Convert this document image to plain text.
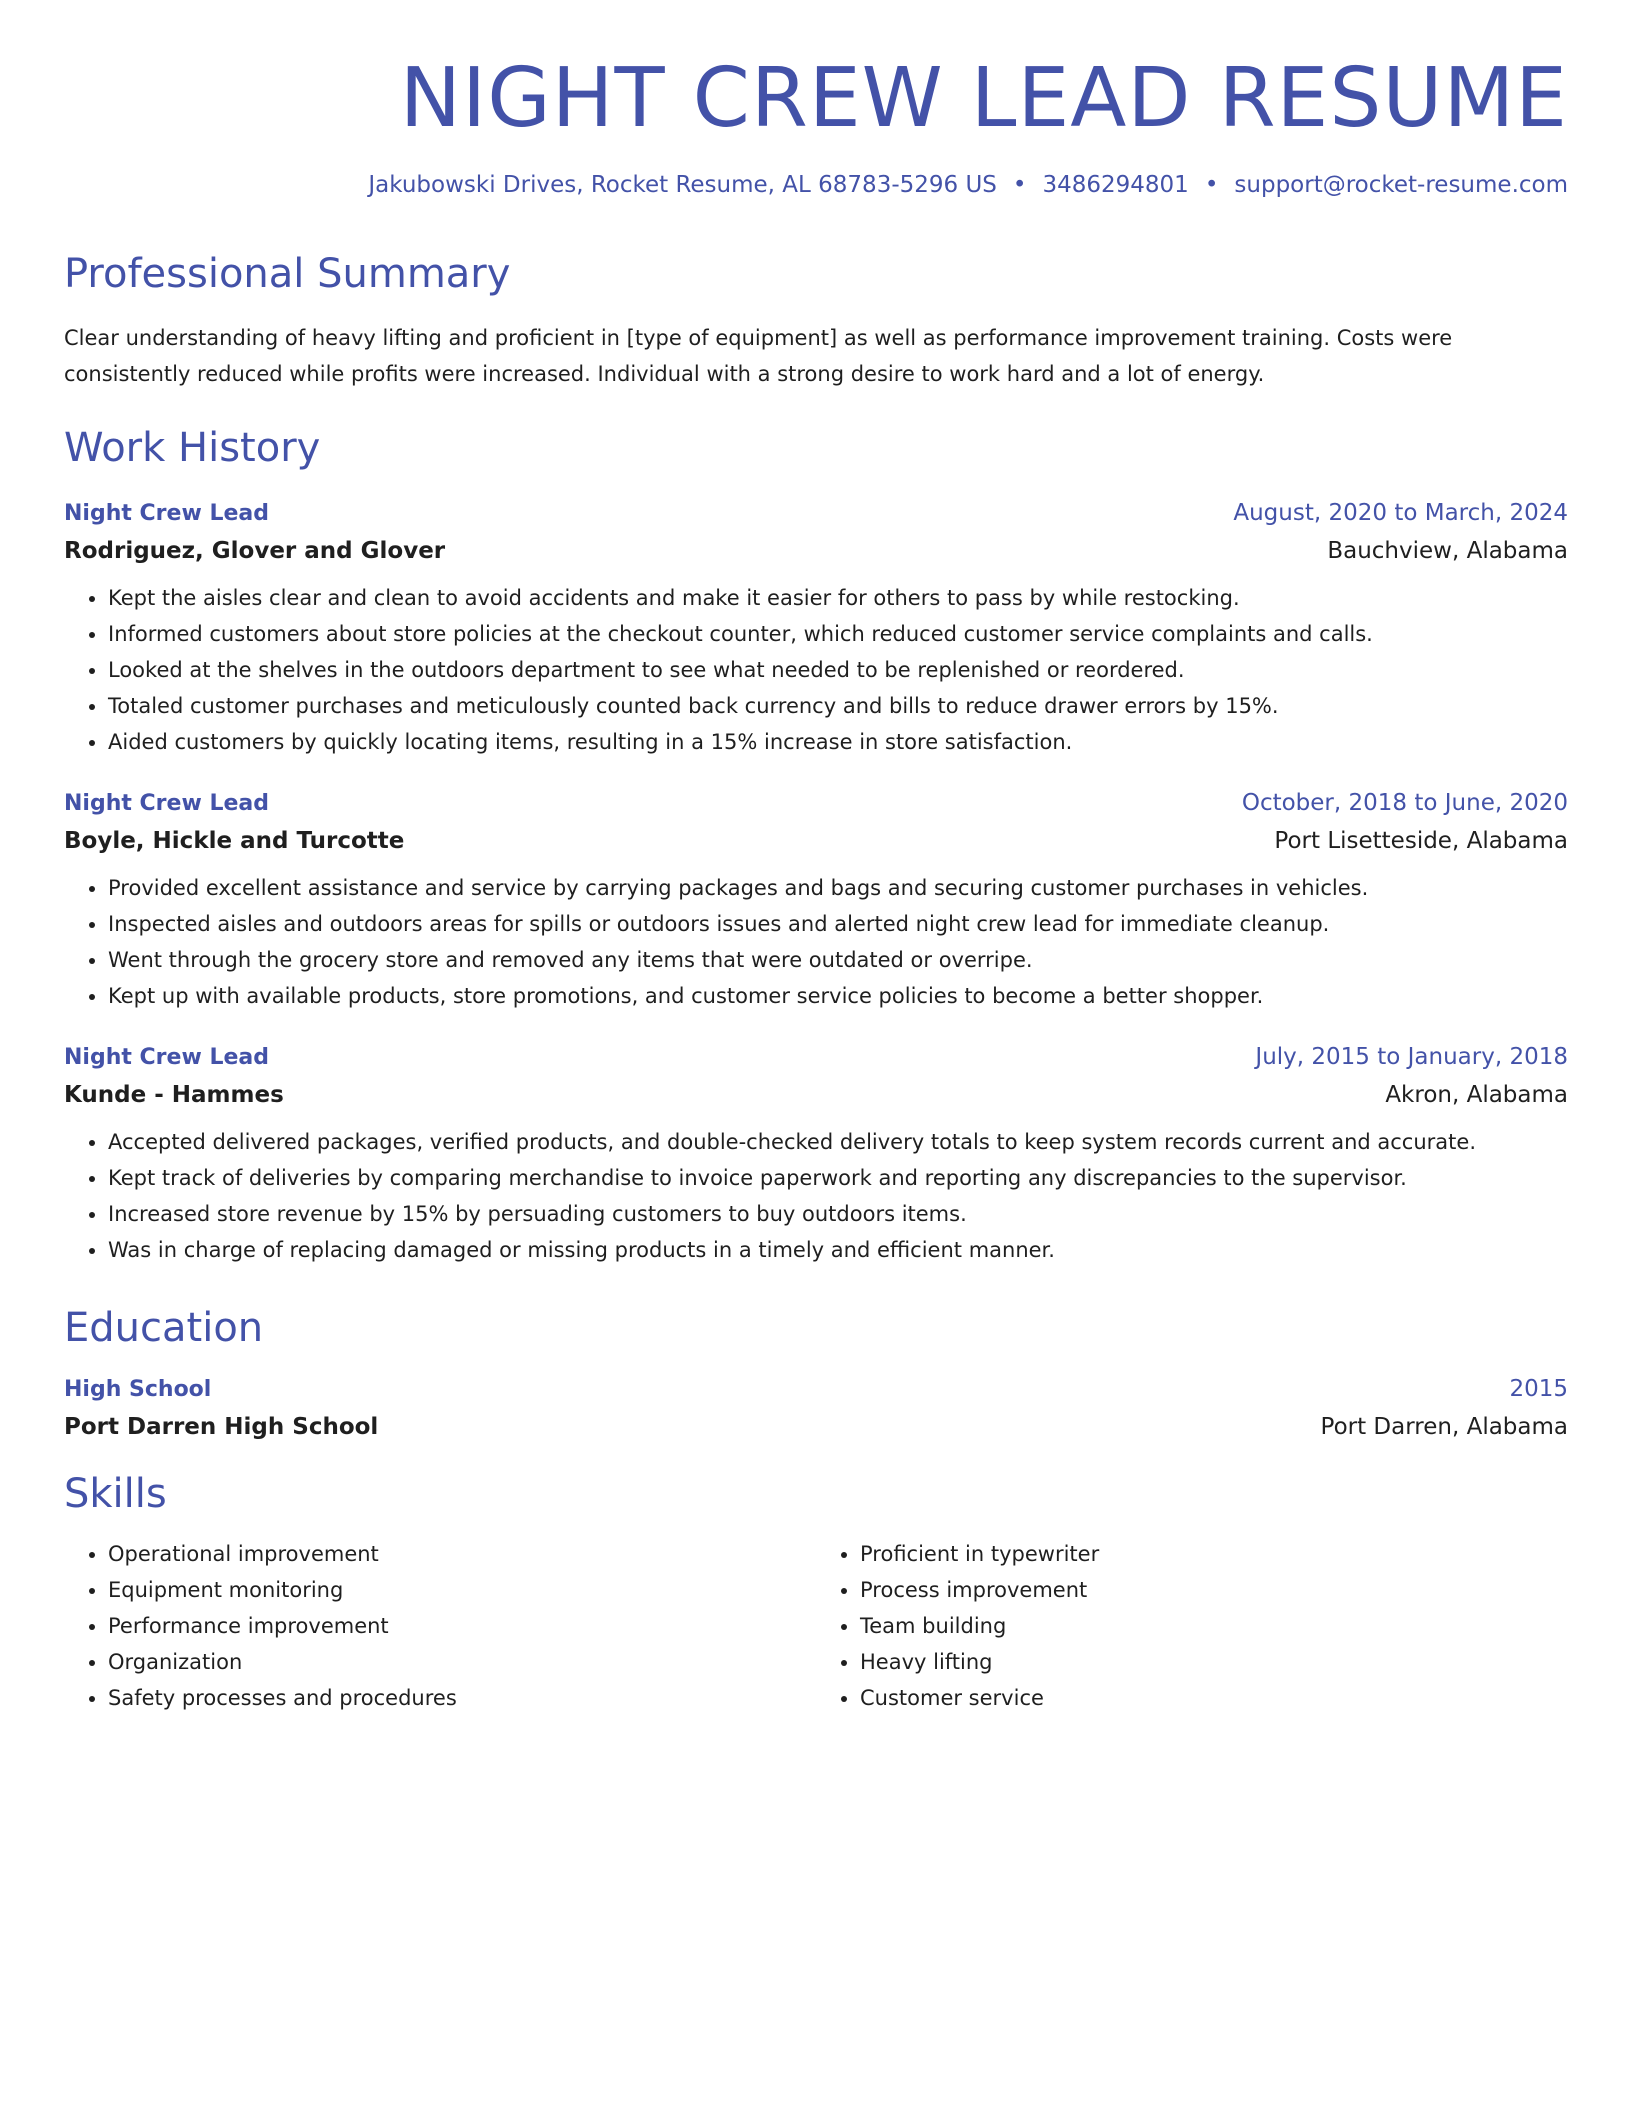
NIGHT CREW LEAD RESUME
Jakubowski Drives, Rocket Resume, AL 68783-5296 US • 3486294801 • support@rocket-resume.com
Professional Summary

Clear understanding of heavy lifting and proficient in [type of equipment] as well as performance improvement training. Costs were consistently reduced while profits were increased. Individual with a strong desire to work hard and a lot of energy.

Work History
Night Crew Lead	August, 2020 to March, 2024
Rodriguez, Glover and Glover	Bauchview, Alabama
• Kept the aisles clear and clean to avoid accidents and make it easier for others to pass by while restocking.
• Informed customers about store policies at the checkout counter, which reduced customer service complaints and calls.
• Looked at the shelves in the outdoors department to see what needed to be replenished or reordered.
• Totaled customer purchases and meticulously counted back currency and bills to reduce drawer errors by 15%.
• Aided customers by quickly locating items, resulting in a 15% increase in store satisfaction.
Night Crew Lead	October, 2018 to June, 2020
Boyle, Hickle and Turcotte	Port Lisetteside, Alabama
• Provided excellent assistance and service by carrying packages and bags and securing customer purchases in vehicles.
• Inspected aisles and outdoors areas for spills or outdoors issues and alerted night crew lead for immediate cleanup.
• Went through the grocery store and removed any items that were outdated or overripe.
• Kept up with available products, store promotions, and customer service policies to become a better shopper.
Night Crew Lead	July, 2015 to January, 2018
Kunde - Hammes	Akron, Alabama
• Accepted delivered packages, verified products, and double-checked delivery totals to keep system records current and accurate.
• Kept track of deliveries by comparing merchandise to invoice paperwork and reporting any discrepancies to the supervisor.
• Increased store revenue by 15% by persuading customers to buy outdoors items.
• Was in charge of replacing damaged or missing products in a timely and efficient manner.
Education
High School	2015
Port Darren High School	Port Darren, Alabama
Skills
• Operational improvement
• Equipment monitoring
• Performance improvement
• Organization
• Safety processes and procedures
• Proficient in typewriter
• Process improvement
• Team building
• Heavy lifting
• Customer service
